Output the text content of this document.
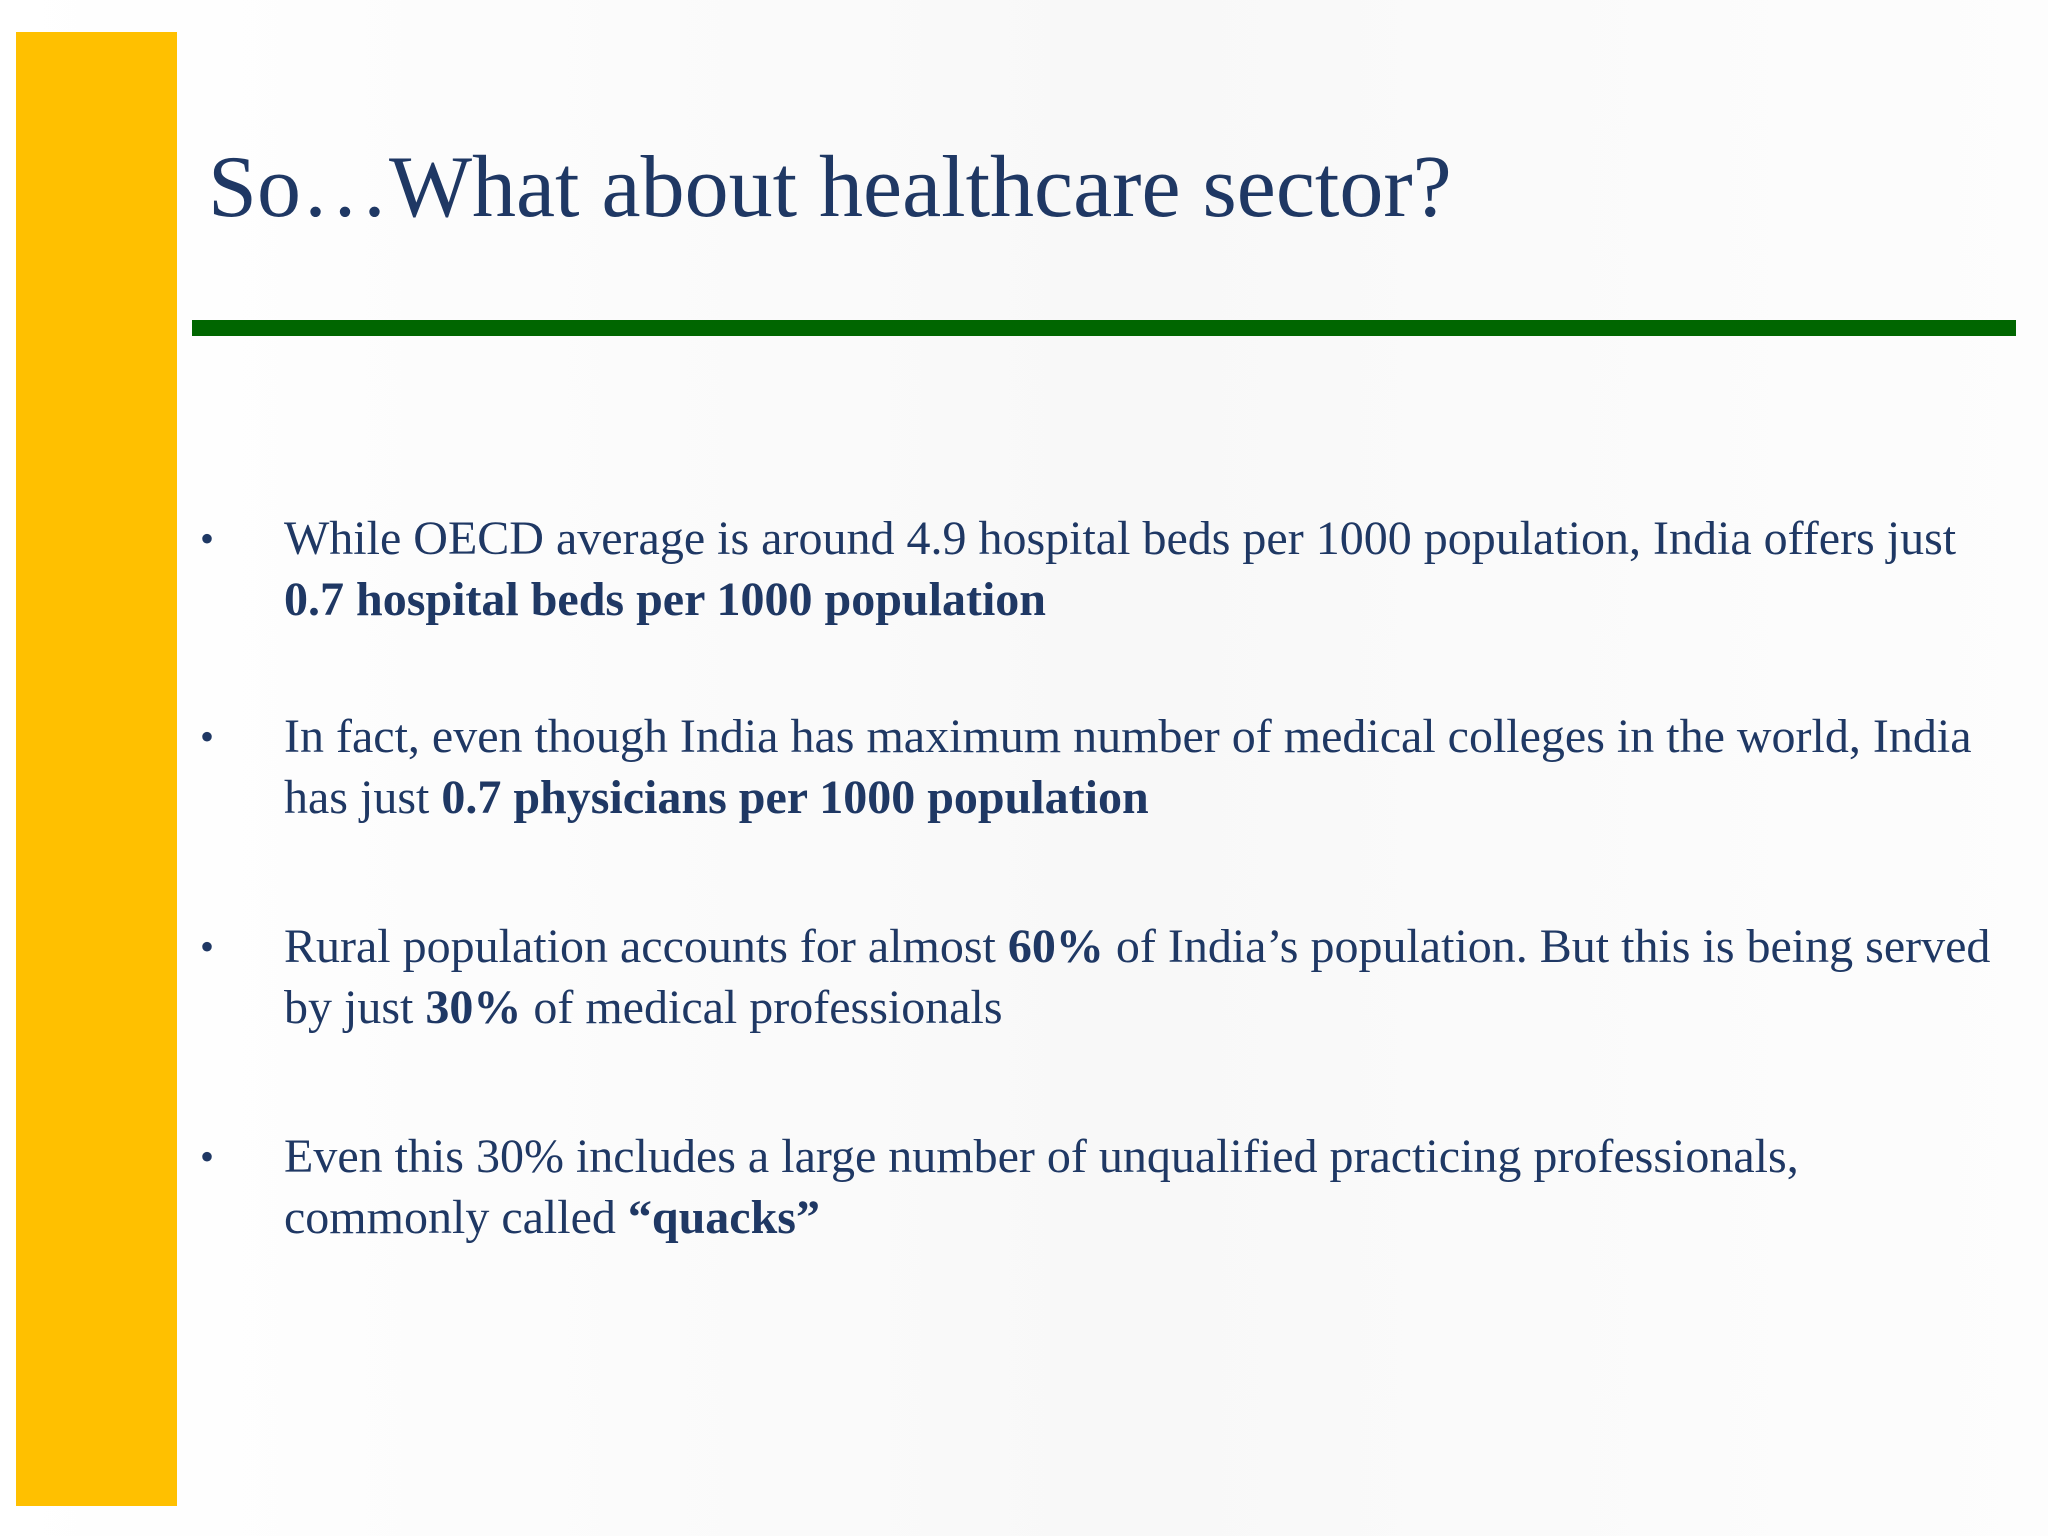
So…What about healthcare sector?
•	While OECD average is around 4.9 hospital beds per 1000 population, India offers just 0.7 hospital beds per 1000 population
•	In fact, even though India has maximum number of medical colleges in the world, India has just 0.7 physicians per 1000 population
•	Rural population accounts for almost 60% of India’s population. But this is being served by just 30% of medical professionals
•	Even this 30% includes a large number of unqualified practicing professionals, commonly called “quacks”
